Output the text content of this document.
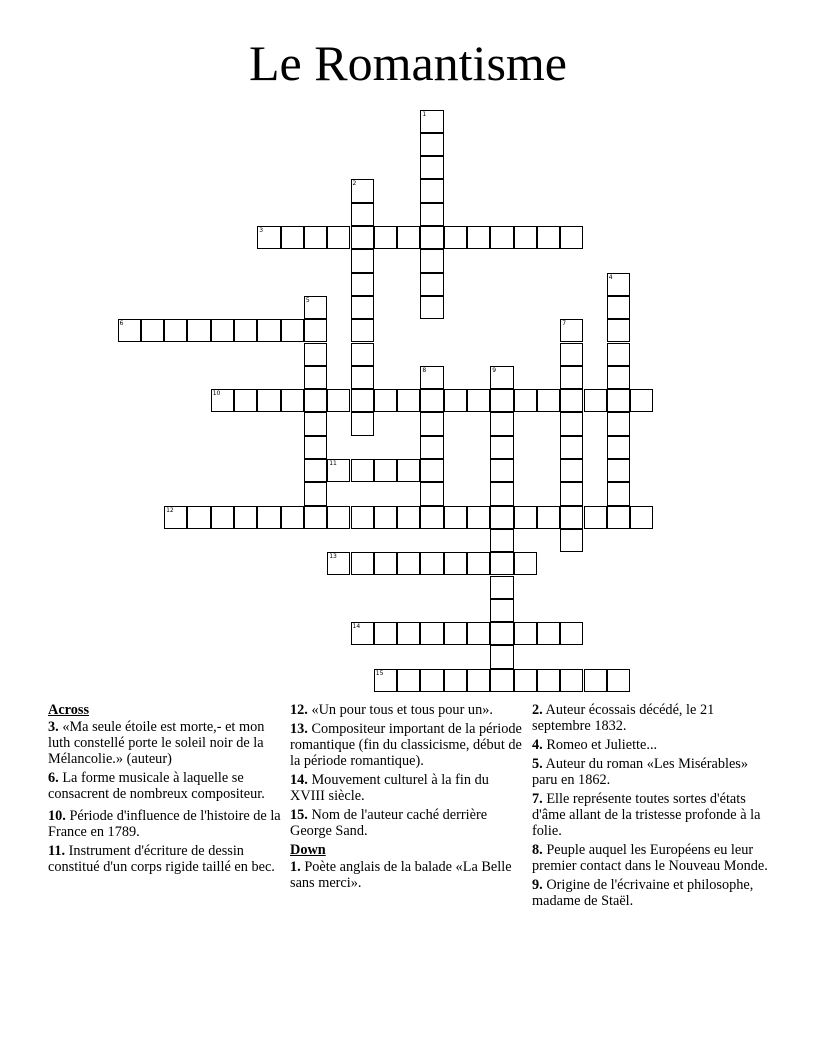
Le Romantisme
1
2
3
4
5
6	7
8	9
10
11
12
13
14
15
Across
3. «Ma seule étoile est morte,- et mon luth constellé porte le soleil noir de la Mélancolie.» (auteur)
6. La forme musicale à laquelle se consacrent de nombreux compositeur.
10. Période d'influence de l'histoire de la France en 1789.
11. Instrument d'écriture de dessin constitué d'un corps rigide taillé en bec.
12. «Un pour tous et tous pour un».
13. Compositeur important de la période romantique (fin du classicisme, début de la période romantique).
14. Mouvement culturel à la fin du XVIII siècle.
15. Nom de l'auteur caché derrière George Sand.
Down
1. Poète anglais de la balade «La Belle sans merci».
2. Auteur écossais décédé, le 21 septembre 1832.
4. Romeo et Juliette...
5. Auteur du roman «Les Misérables» paru en 1862.
7. Elle représente toutes sortes d'états d'âme allant de la tristesse profonde à la folie.
8. Peuple auquel les Européens eu leur premier contact dans le Nouveau Monde.
9. Origine de l'écrivaine et philosophe, madame de Staël.
